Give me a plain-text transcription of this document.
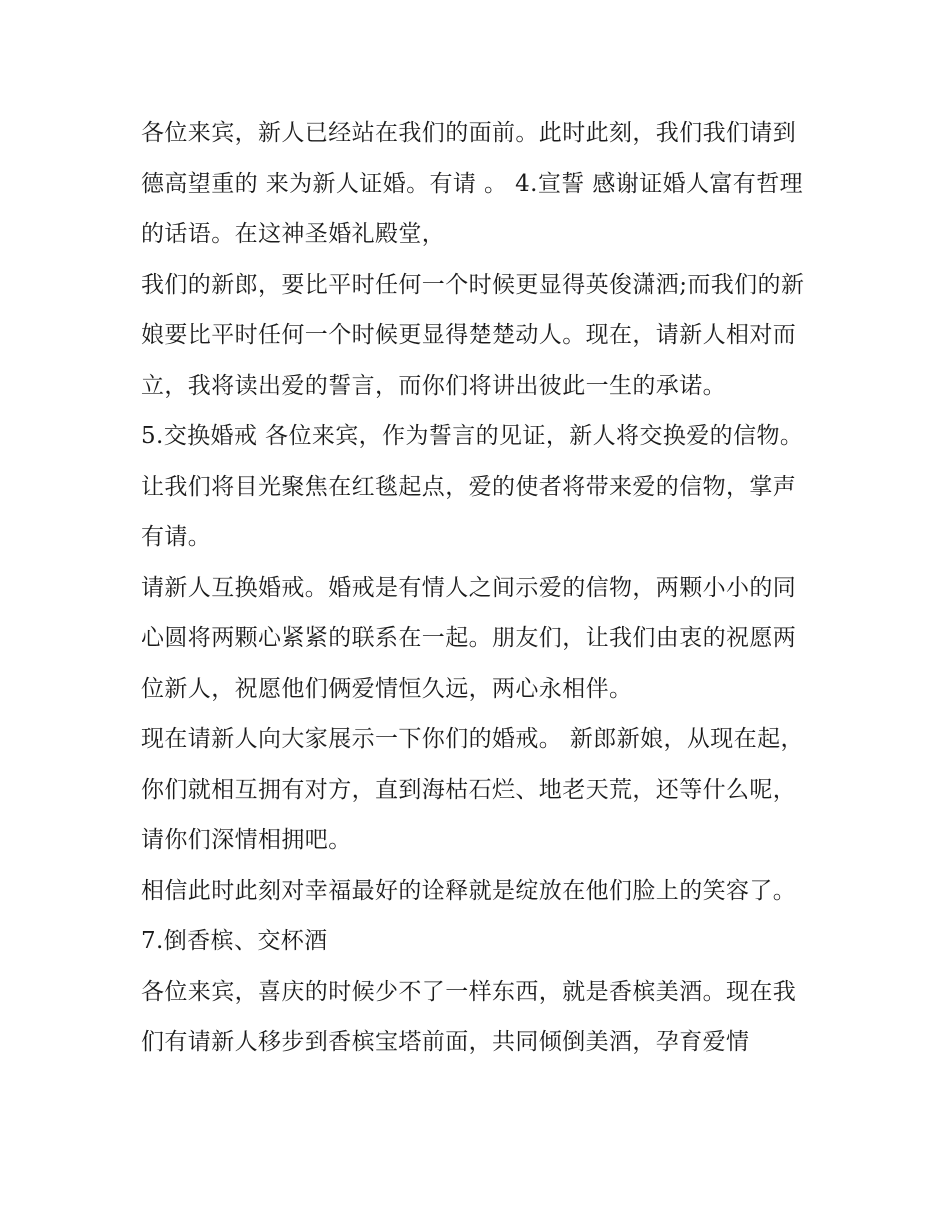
各位来宾，新人已经站在我们的面前。此时此刻，我们我们请到德高望重的 来为新人证婚。有请 。 4.宣誓 感谢证婚人富有哲理的话语。在这神圣婚礼殿堂，

我们的新郎，要比平时任何一个时候更显得英俊潇洒;而我们的新娘要比平时任何一个时候更显得楚楚动人。现在，请新人相对而立，我将读出爱的誓言，而你们将讲出彼此一生的承诺。

5.交换婚戒 各位来宾，作为誓言的见证，新人将交换爱的信物。让我们将目光聚焦在红毯起点，爱的使者将带来爱的信物，掌声有请。

请新人互换婚戒。婚戒是有情人之间示爱的信物，两颗小小的同心圆将两颗心紧紧的联系在一起。朋友们，让我们由衷的祝愿两位新人，祝愿他们俩爱情恒久远，两心永相伴。

现在请新人向大家展示一下你们的婚戒。 新郎新娘，从现在起，你们就相互拥有对方，直到海枯石烂、地老天荒，还等什么呢，请你们深情相拥吧。

相信此时此刻对幸福最好的诠释就是绽放在他们脸上的笑容了。 7.倒香槟、交杯酒

各位来宾，喜庆的时候少不了一样东西，就是香槟美酒。现在我们有请新人移步到香槟宝塔前面，共同倾倒美酒，孕育爱情
